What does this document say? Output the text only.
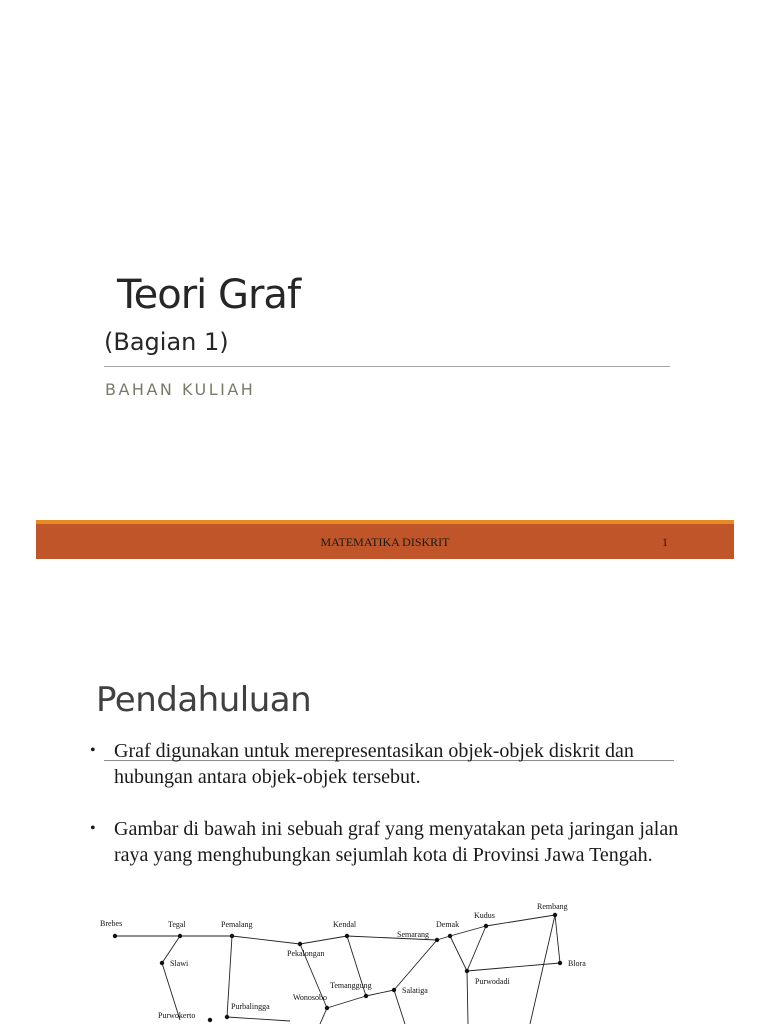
Teori Graf
(Bagian 1)
BAHAN KULIAH
MATEMATIKA DISKRIT	1
Pendahuluan
• Graf digunakan untuk merepresentasikan objek-objek diskrit dan hubungan antara objek-objek tersebut.
• Gambar di bawah ini sebuah graf yang menyatakan peta jaringan jalan raya yang menghubungkan sejumlah kota di Provinsi Jawa Tengah.
Brebes	Tegal	Pemalang
Slawi
Pekalongan
Kendal
Semarang
Demak
Kudus
Rembang
Blora
Purwodadi
Salatiga
Temanggung
Wonosobo
Purbalingga
Purwokerto
